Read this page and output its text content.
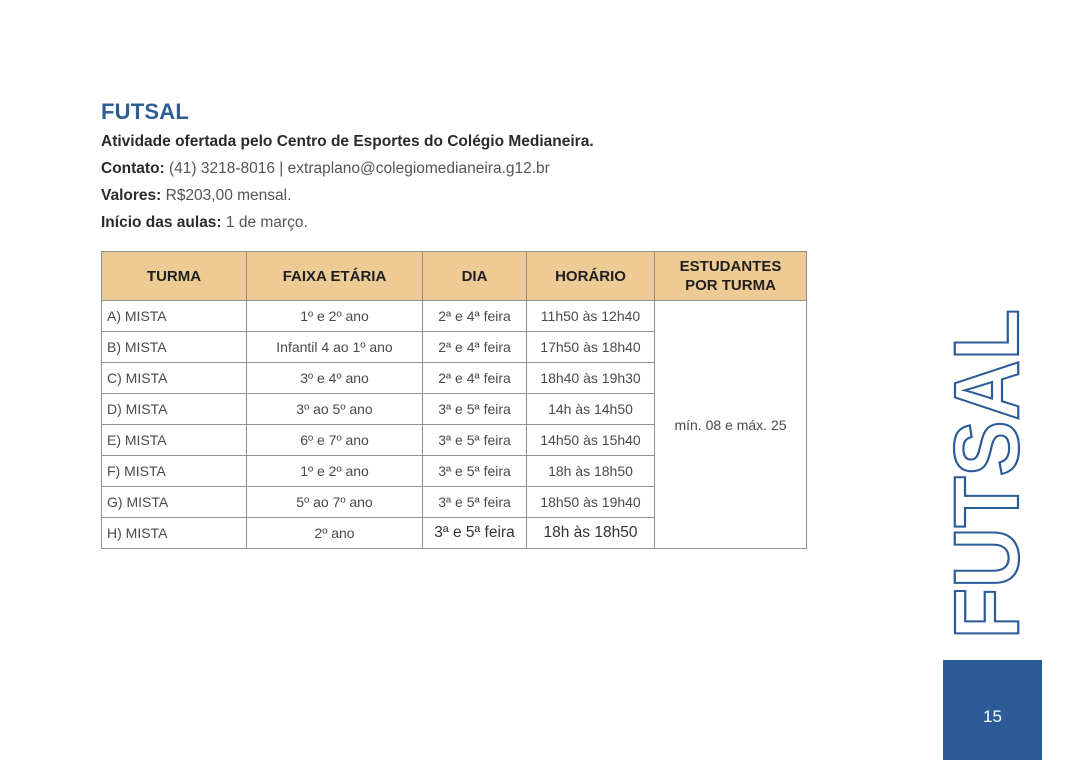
FUTSAL
Atividade ofertada pelo Centro de Esportes do Colégio Medianeira.
Contato: (41) 3218-8016 | extraplano@colegiomedianeira.g12.br
Valores: R$203,00 mensal.
Início das aulas: 1 de março.
TURMA	FAIXA ETÁRIA	DIA	HORÁRIO	ESTUDANTES
POR TURMA
A) MISTA	1º e 2º ano	2ª e 4ª feira	11h50 às 12h40	mín. 08 e máx. 25
B) MISTA	Infantil 4 ao 1º ano	2ª e 4ª feira	17h50 às 18h40	
C) MISTA	3º e 4º ano	2ª e 4ª feira	18h40 às 19h30	
D) MISTA	3º ao 5º ano	3ª e 5ª feira	14h às 14h50	
E) MISTA	6º e 7º ano	3ª e 5ª feira	14h50 às 15h40	
F) MISTA	1º e 2º ano	3ª e 5ª feira	18h às 18h50	
G) MISTA	5º ao 7º ano	3ª e 5ª feira	18h50 às 19h40	
H) MISTA	2º ano	3ª e 5ª feira	18h às 18h50		FUTSAL
15
